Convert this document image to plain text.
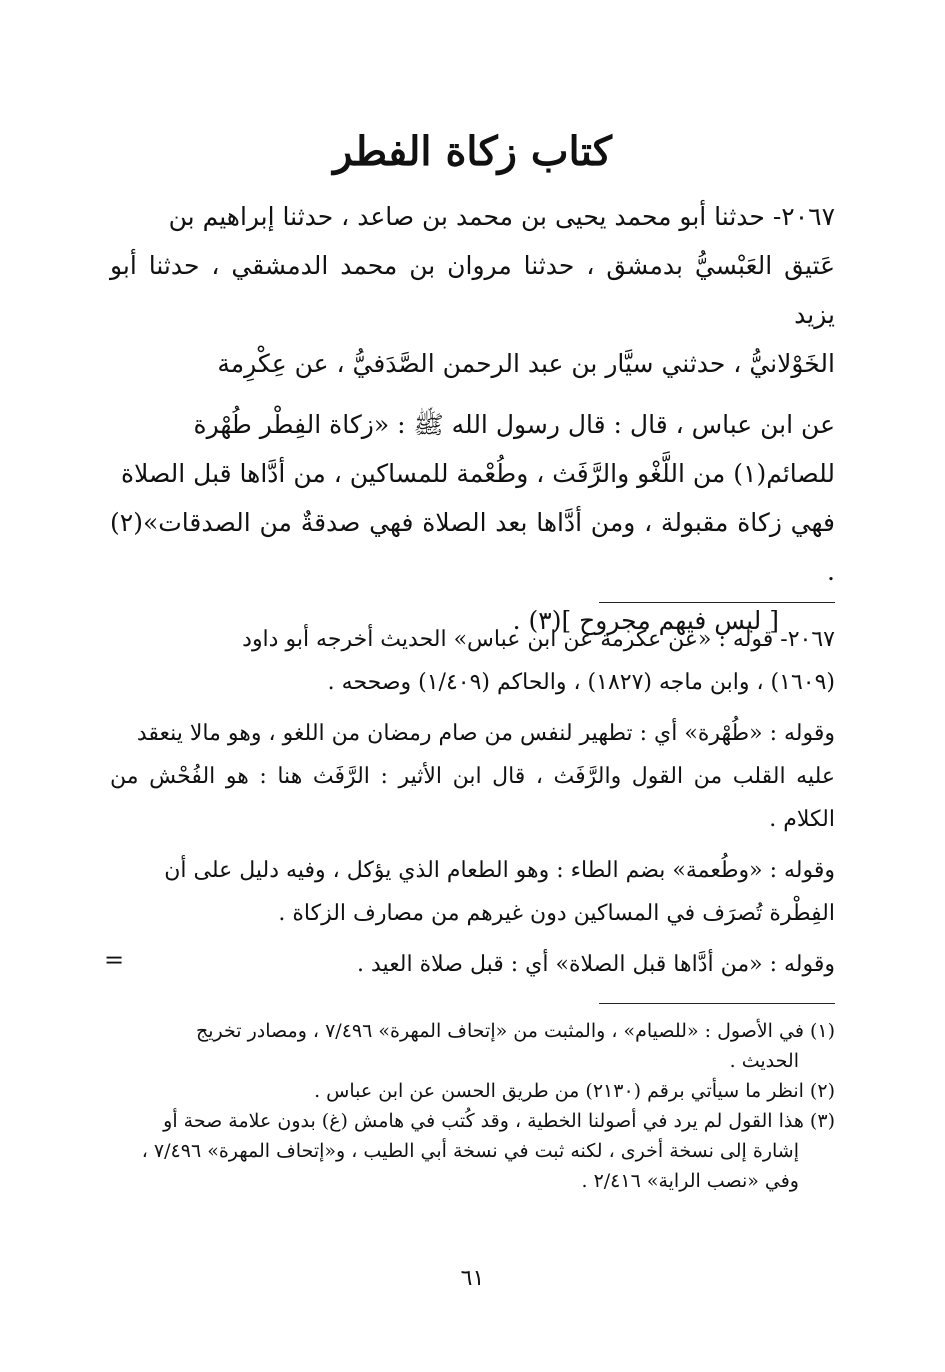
كتاب زكاة الفطر

٢٠٦٧- حدثنا أبو محمد يحيى بن محمد بن صاعد ، حدثنا إبراهيم بن

عَتيق العَبْسيُّ بدمشق ، حدثنا مروان بن محمد الدمشقي ، حدثنا أبو يزيد

الخَوْلانيُّ ، حدثني سيَّار بن عبد الرحمن الصَّدَفيُّ ، عن عِكْرِمة

عن ابن عباس ، قال : قال رسول الله ﷺ : «زكاة الفِطْر طُهْرة

للصائم(١) من اللَّغْو والرَّفَث ، وطُعْمة للمساكين ، من أدَّاها قبل الصلاة

فهي زكاة مقبولة ، ومن أدَّاها بعد الصلاة فهي صدقةٌ من الصدقات»(٢) .

[ ليس فيهم مجروح ](٣) .

٢٠٦٧- قوله : «عن عكرمة عن ابن عباس» الحديث أخرجه أبو داود

(١٦٠٩) ، وابن ماجه (١٨٢٧) ، والحاكم (١/٤٠٩) وصححه .

وقوله : «طُهْرة» أي : تطهير لنفس من صام رمضان من اللغو ، وهو مالا ينعقد

عليه القلب من القول والرَّفَث ، قال ابن الأثير : الرَّفَث هنا : هو الفُحْش من الكلام .

وقوله : «وطُعمة» بضم الطاء : وهو الطعام الذي يؤكل ، وفيه دليل على أن

الفِطْرة تُصرَف في المساكين دون غيرهم من مصارف الزكاة .

وقوله : «من أدَّاها قبل الصلاة» أي : قبل صلاة العيد .

=

(١) في الأصول : «للصيام» ، والمثبت من «إتحاف المهرة» ٧/٤٩٦ ، ومصادر تخريج

الحديث .

(٢) انظر ما سيأتي برقم (٢١٣٠) من طريق الحسن عن ابن عباس .

(٣) هذا القول لم يرد في أصولنا الخطية ، وقد كُتب في هامش (غ) بدون علامة صحة أو

إشارة إلى نسخة أخرى ، لكنه ثبت في نسخة أبي الطيب ، و«إتحاف المهرة» ٧/٤٩٦ ،

وفي «نصب الراية» ٢/٤١٦ .

٦١
